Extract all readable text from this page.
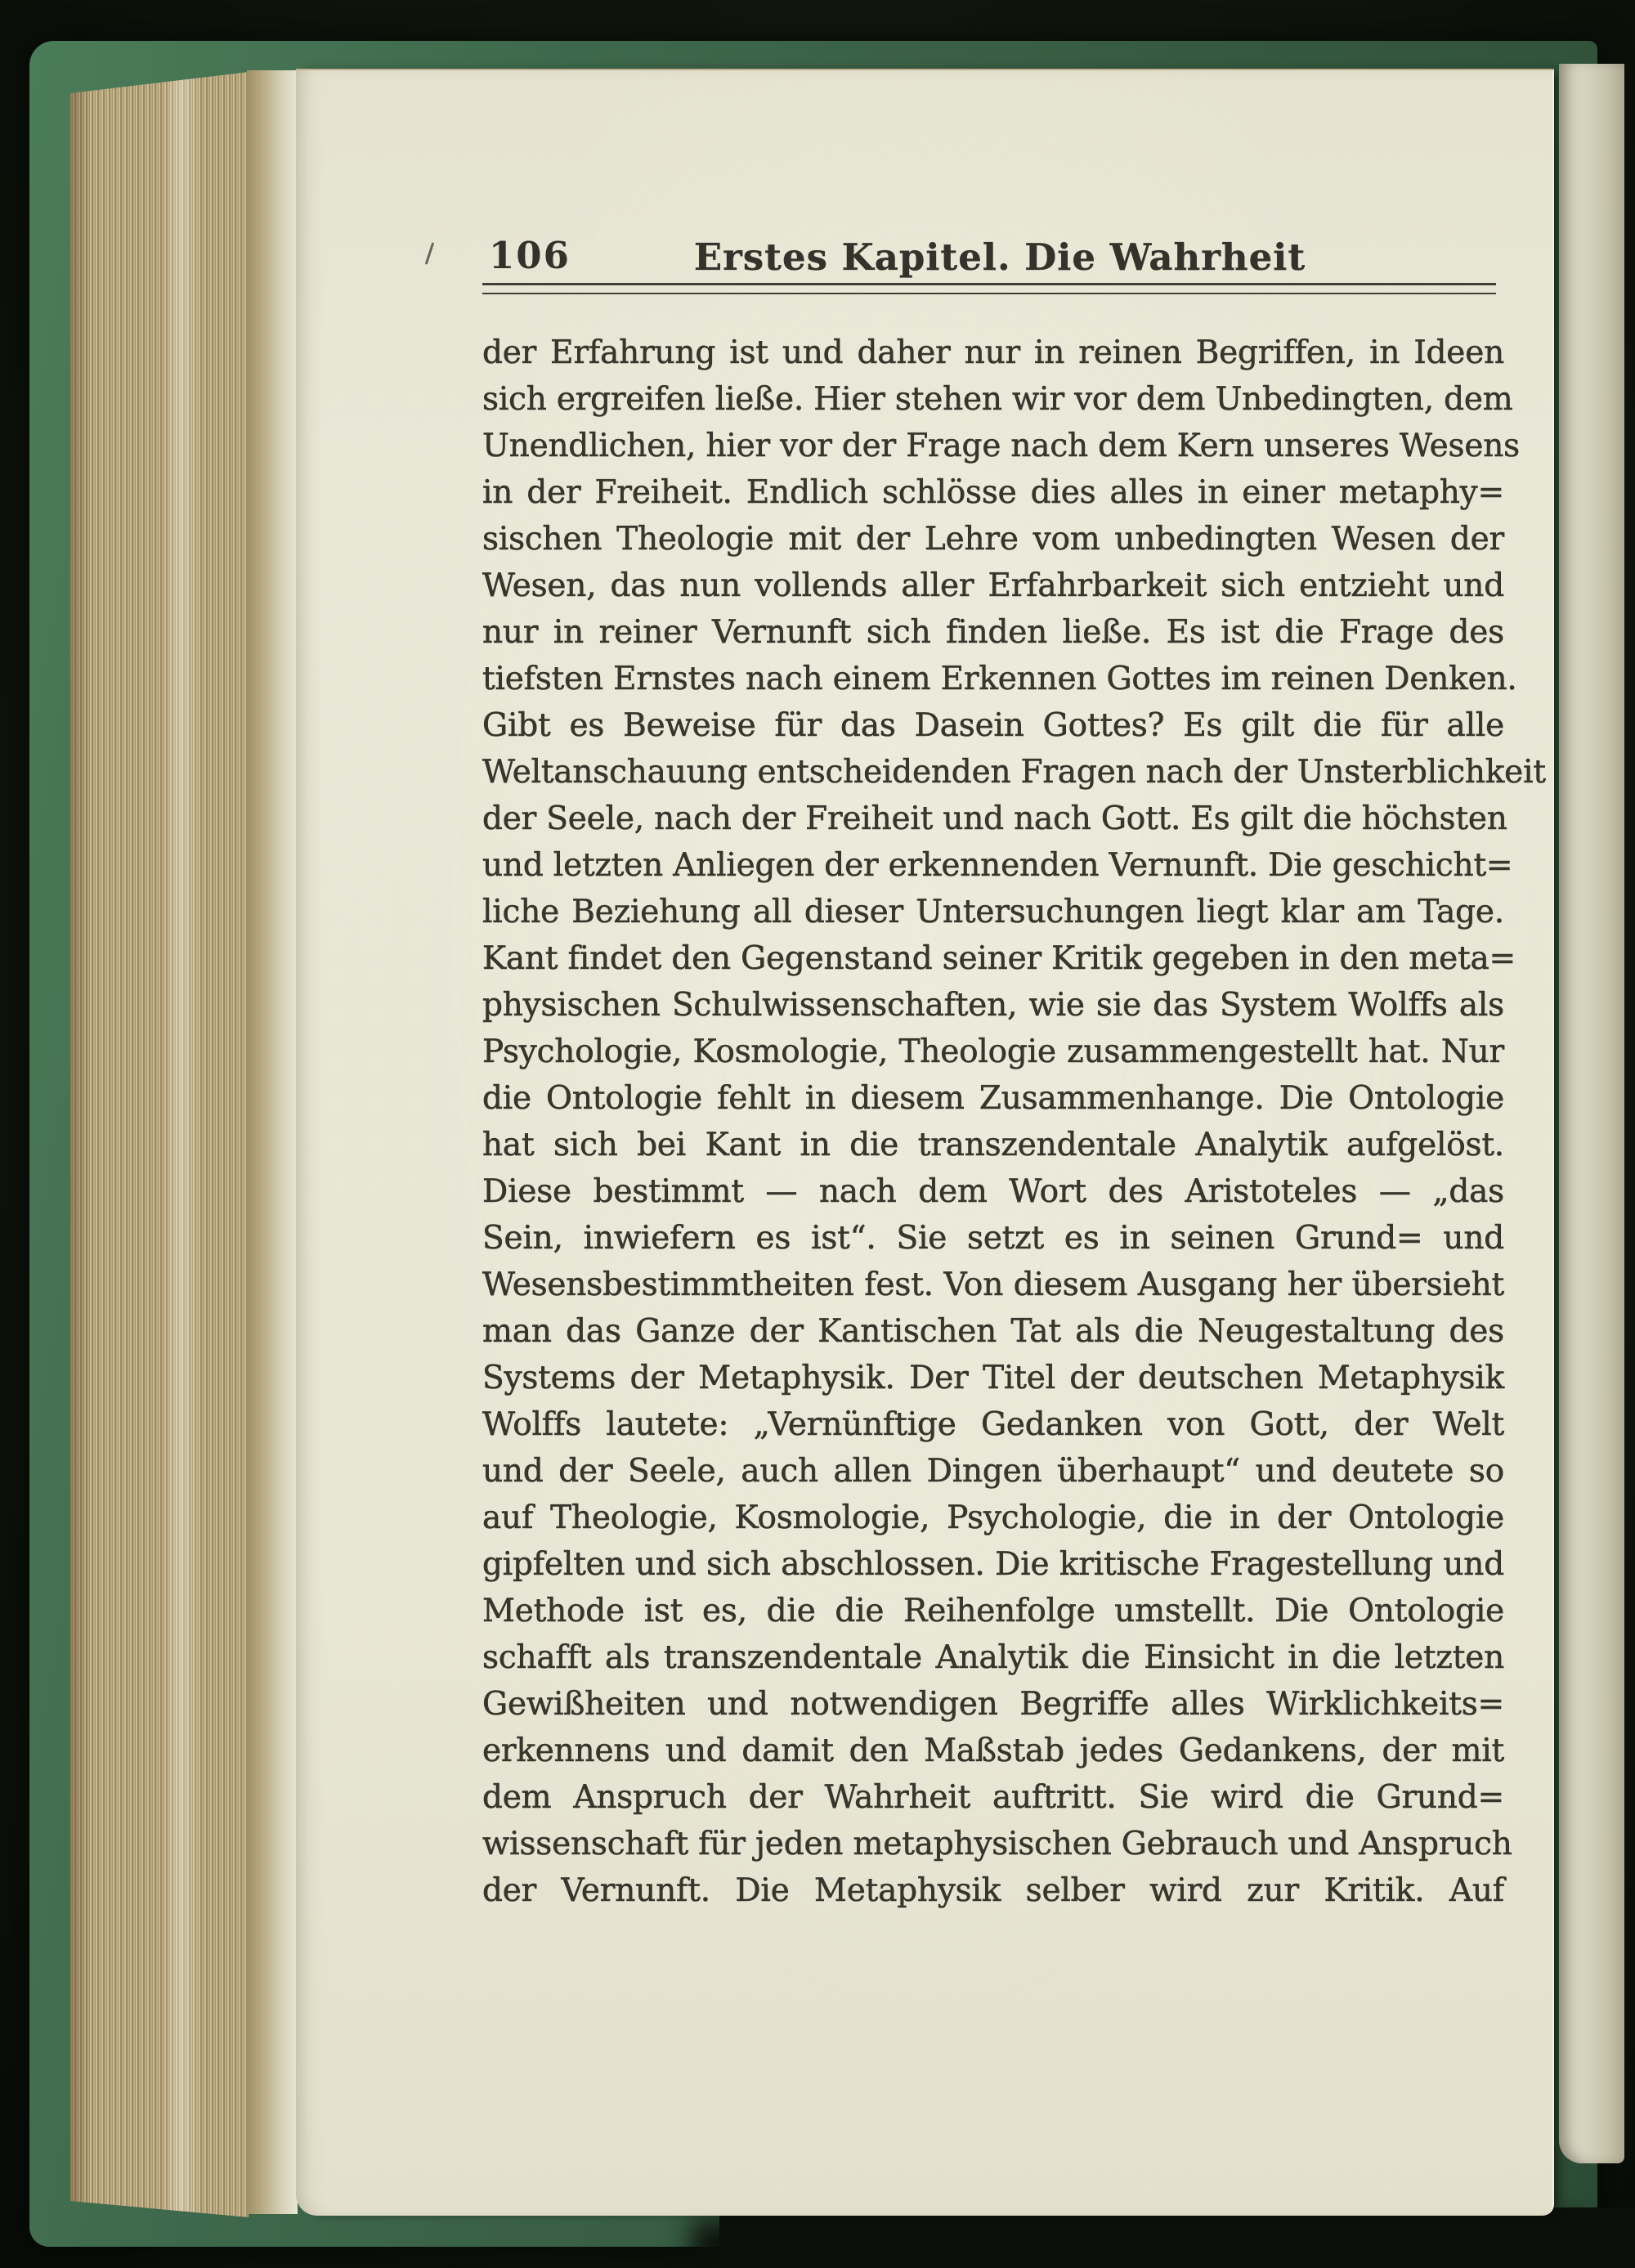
106	Erstes Kapitel. Die Wahrheit
der Erfahrung ist und daher nur in reinen Begriffen, in Ideen
sich ergreifen ließe. Hier stehen wir vor dem Unbedingten, dem
Unendlichen, hier vor der Frage nach dem Kern unseres Wesens
in der Freiheit. Endlich schlösse dies alles in einer metaphy=
sischen Theologie mit der Lehre vom unbedingten Wesen der
Wesen, das nun vollends aller Erfahrbarkeit sich entzieht und
nur in reiner Vernunft sich finden ließe. Es ist die Frage des
tiefsten Ernstes nach einem Erkennen Gottes im reinen Denken.
Gibt es Beweise für das Dasein Gottes? Es gilt die für alle
Weltanschauung entscheidenden Fragen nach der Unsterblichkeit
der Seele, nach der Freiheit und nach Gott. Es gilt die höchsten
und letzten Anliegen der erkennenden Vernunft. Die geschicht=
liche Beziehung all dieser Untersuchungen liegt klar am Tage.
Kant findet den Gegenstand seiner Kritik gegeben in den meta=
physischen Schulwissenschaften, wie sie das System Wolffs als
Psychologie, Kosmologie, Theologie zusammengestellt hat. Nur
die Ontologie fehlt in diesem Zusammenhange. Die Ontologie
hat sich bei Kant in die transzendentale Analytik aufgelöst.
Diese bestimmt — nach dem Wort des Aristoteles — „das
Sein, inwiefern es ist“. Sie setzt es in seinen Grund= und
Wesensbestimmtheiten fest. Von diesem Ausgang her übersieht
man das Ganze der Kantischen Tat als die Neugestaltung des
Systems der Metaphysik. Der Titel der deutschen Metaphysik
Wolffs lautete: „Vernünftige Gedanken von Gott, der Welt
und der Seele, auch allen Dingen überhaupt“ und deutete so
auf Theologie, Kosmologie, Psychologie, die in der Ontologie
gipfelten und sich abschlossen. Die kritische Fragestellung und
Methode ist es, die die Reihenfolge umstellt. Die Ontologie
schafft als transzendentale Analytik die Einsicht in die letzten
Gewißheiten und notwendigen Begriffe alles Wirklichkeits=
erkennens und damit den Maßstab jedes Gedankens, der mit
dem Anspruch der Wahrheit auftritt. Sie wird die Grund=
wissenschaft für jeden metaphysischen Gebrauch und Anspruch
der Vernunft. Die Metaphysik selber wird zur Kritik. Auf
